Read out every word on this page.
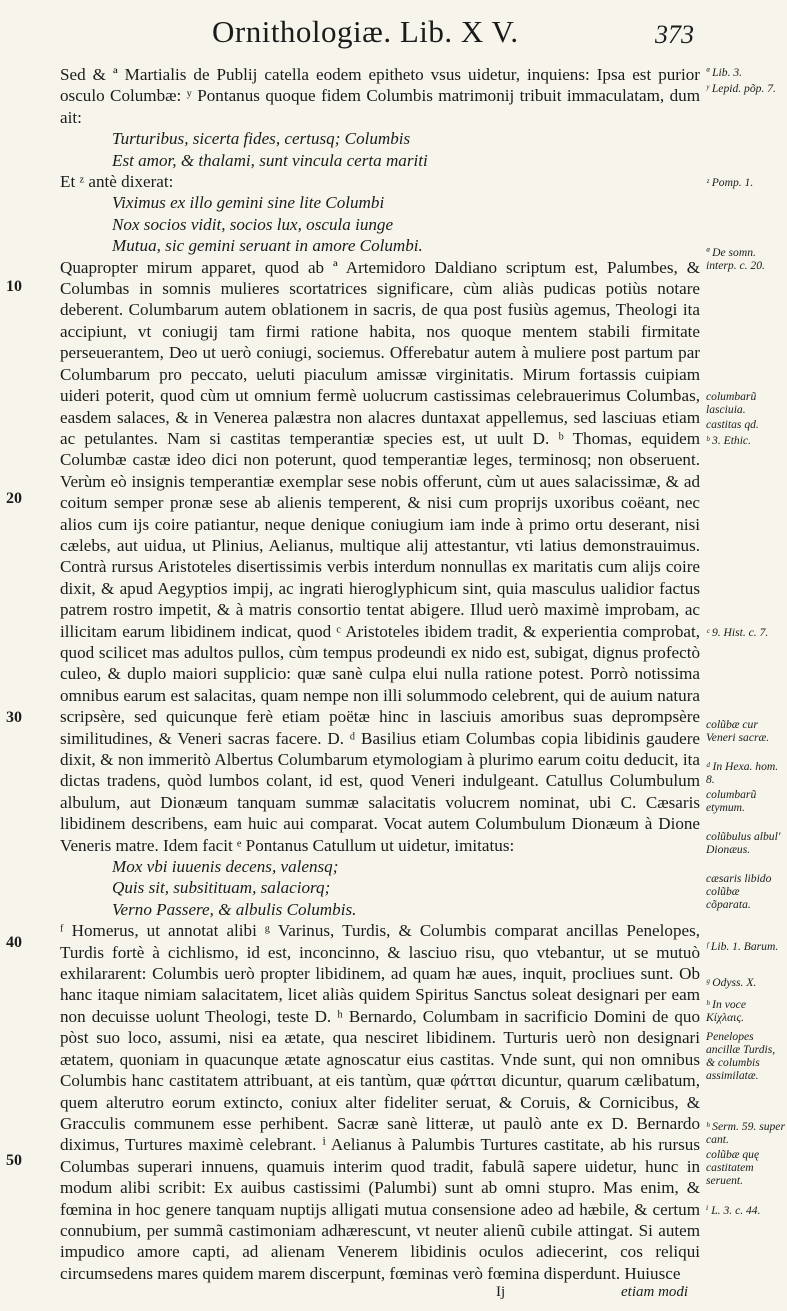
Ornithologiæ. Lib. X V.	373

Sed & ª Martialis de Publij catella eodem epitheto vsus uidetur, inquiens: Ipsa est purior osculo Columbæ: ʸ Pontanus quoque fidem Columbis matrimonij tribuit immaculatam, dum ait:

Turturibus, sicerta fides, certusq; Columbis
Est amor, & thalami, sunt vincula certa mariti

Et ᶻ antè dixerat:

Viximus ex illo gemini sine lite Columbi
Nox socios vidit, socios lux, oscula iunge
Mutua, sic gemini seruant in amore Columbi.

Quapropter mirum apparet, quod ab ª Artemidoro Daldiano scriptum est, Palumbes, & Columbas in somnis mulieres scortatrices significare, cùm aliàs pudicas potiùs notare deberent. Columbarum autem oblationem in sacris, de qua post fusiùs agemus, Theologi ita accipiunt, vt coniugij tam firmi ratione habita, nos quoque mentem stabili firmitate perseuerantem, Deo ut uerò coniugi, sociemus. Offerebatur autem à muliere post partum par Columbarum pro peccato, ueluti piaculum amissæ virginitatis. Mirum fortassis cuipiam uideri poterit, quod cùm ut omnium fermè uolucrum castissimas celebrauerimus Columbas, easdem salaces, & in Venerea palæstra non alacres duntaxat appellemus, sed lasciuas etiam ac petulantes. Nam si castitas temperantiæ species est, ut uult D. ᵇ Thomas, equidem Columbæ castæ ideo dici non poterunt, quod temperantiæ leges, terminosq; non obseruent. Verùm eò insignis temperantiæ exemplar sese nobis offerunt, cùm ut aues salacissimæ, & ad coitum semper pronæ sese ab alienis temperent, & nisi cum proprijs uxoribus coëant, nec alios cum ijs coire patiantur, neque denique coniugium iam inde à primo ortu deserant, nisi cælebs, aut uidua, ut Plinius, Aelianus, multique alij attestantur, vti latius demonstrauimus. Contrà rursus Aristoteles disertissimis verbis interdum nonnullas ex maritatis cum alijs coire dixit, & apud Aegyptios impij, ac ingrati hieroglyphicum sint, quia masculus ualidior factus patrem rostro impetit, & à matris consortio tentat abigere. Illud uerò maximè improbam, ac illicitam earum libidinem indicat, quod ᶜ Aristoteles ibidem tradit, & experientia comprobat, quod scilicet mas adultos pullos, cùm tempus prodeundi ex nido est, subigat, dignus profectò culeo, & duplo maiori supplicio: quæ sanè culpa elui nulla ratione potest. Porrò notissima omnibus earum est salacitas, quam nempe non illi solummodo celebrent, qui de auium natura scripsère, sed quicunque ferè etiam poëtæ hinc in lasciuis amoribus suas deprompsère similitudines, & Veneri sacras facere. D. ᵈ Basilius etiam Columbas copia libidinis gaudere dixit, & non immeritò Albertus Columbarum etymologiam à plurimo earum coitu deducit, ita dictas tradens, quòd lumbos colant, id est, quod Veneri indulgeant. Catullus Columbulum albulum, aut Dionæum tanquam summæ salacitatis volucrem nominat, ubi C. Cæsaris libidinem describens, eam huic aui comparat. Vocat autem Columbulum Dionæum à Dione Veneris matre. Idem facit ᵉ Pontanus Catullum ut uidetur, imitatus:

Mox vbi iuuenis decens, valensq;
Quis sit, subsitituam, salaciorq;
Verno Passere, & albulis Columbis.

ᶠ Homerus, ut annotat alibi ᵍ Varinus, Turdis, & Columbis comparat ancillas Penelopes, Turdis fortè à cichlismo, id est, inconcinno, & lasciuo risu, quo vtebantur, ut se mutuò exhilararent: Columbis uerò propter libidinem, ad quam hæ aues, inquit, procliues sunt. Ob hanc itaque nimiam salacitatem, licet aliàs quidem Spiritus Sanctus soleat designari per eam non decuisse uolunt Theologi, teste D. ʰ Bernardo, Columbam in sacrificio Domini de quo pòst suo loco, assumi, nisi ea ætate, qua nesciret libidinem. Turturis uerò non designari ætatem, quoniam in quacunque ætate agnoscatur eius castitas. Vnde sunt, qui non omnibus Columbis hanc castitatem attribuant, at eis tantùm, quæ φάτται dicuntur, quarum cælibatum, quem alterutro eorum extincto, coniux alter fideliter seruat, & Coruis, & Cornicibus, & Gracculis communem esse perhibent. Sacræ sanè litteræ, ut paulò ante ex D. Bernardo diximus, Turtures maximè celebrant. ⁱ Aelianus à Palumbis Turtures castitate, ab his rursus Columbas superari innuens, quamuis interim quod tradit, fabulã sapere uidetur, hunc in modum alibi scribit: Ex auibus castissimi (Palumbi) sunt ab omni stupro. Mas enim, & fœmina in hoc genere tanquam nuptijs alligati mutua consensione adeo ad hæbile, & certum connubium, per summã castimoniam adhærescunt, vt neuter alienũ cubile attingat. Si autem impudico amore capti, ad alienam Venerem libidinis oculos adiecerint, cos reliqui circumsedens mares quidem marem discerpunt, fœminas verò fœmina disperdunt. Huiusce

10
20
30
40
50
ª Lib. 3.
ʸ Lepid. põp. 7.
ᶻ Pomp. 1.
ª De somn. interp. c. 20.
columbarũ lasciuia.
castitas qd.
ᵇ 3. Ethic.
ᶜ 9. Hist. c. 7.
colũbæ cur Veneri sacræ.
ᵈ In Hexa. hom. 8.
columbarũ etymum.
colũbulus albul' Dionæus.
cæsaris libido colũbæ cõparata.
ᶠ Lib. 1. Barum.
ᵍ Odyss. X.
ʰ In voce Κίχλαις.
Penelopes ancillæ Turdis, & columbis assimilatæ.
ʰ Serm. 59. super cant.
colũbæ quę castitatem seruent.
ⁱ L. 3. c. 44.
Ij	etiam modi
